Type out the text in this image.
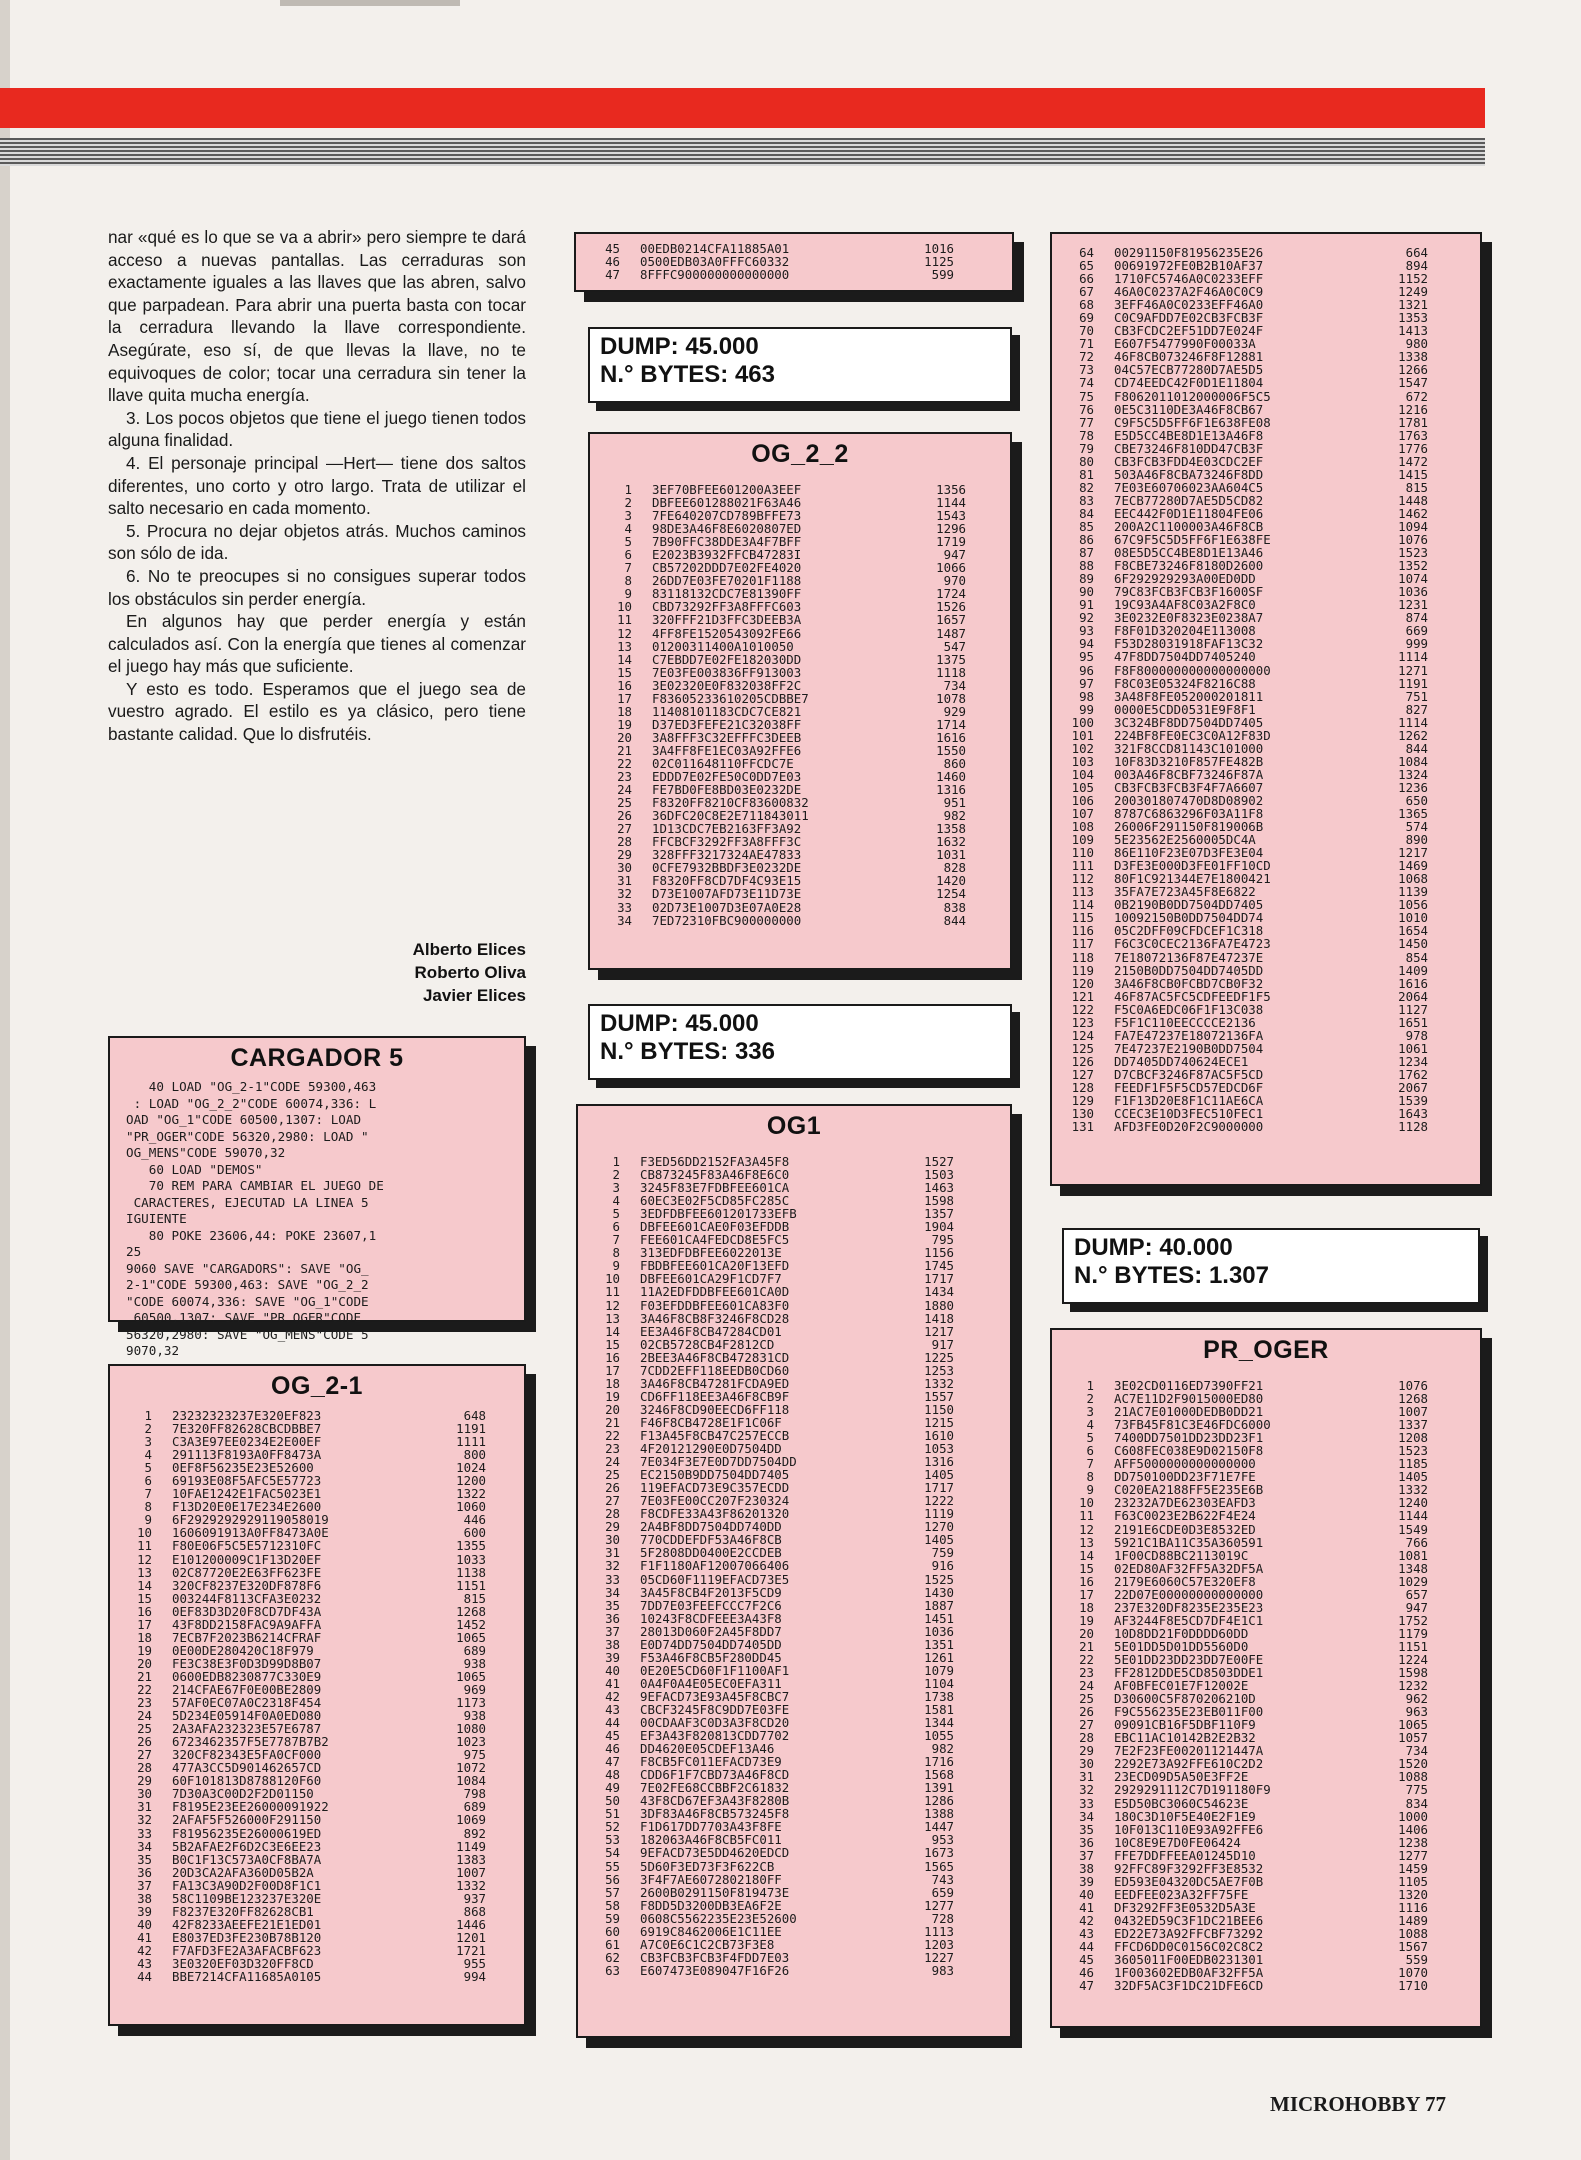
nar «qué es lo que se va a abrir» pero siempre te dará acceso a nuevas pantallas. Las cerraduras son exactamente iguales a las llaves que las abren, salvo que parpadean. Para abrir una puerta basta con tocar la cerradura llevando la llave correspondiente. Asegúrate, eso sí, de que llevas la llave, no te equivoques de color; tocar una cerradura sin tener la llave quita mucha energía.

3. Los pocos objetos que tiene el juego tienen todos alguna finalidad.

4. El personaje principal —Hert— tiene dos saltos diferentes, uno corto y otro largo. Trata de utilizar el salto necesario en cada momento.

5. Procura no dejar objetos atrás. Muchos caminos son sólo de ida.

6. No te preocupes si no consigues superar todos los obstáculos sin perder energía.

En algunos hay que perder energía y están calculados así. Con la energía que tienes al comenzar el juego hay más que suficiente.

Y esto es todo. Esperamos que el juego sea de vuestro agrado. El estilo es ya clásico, pero tiene bastante calidad. Que lo disfrutéis.

Alberto Elices
Roberto Oliva
Javier Elices
CARGADOR 5
40 LOAD "OG_2-1"CODE 59300,463
: LOAD "OG_2_2"CODE 60074,336: L
OAD "OG_1"CODE 60500,1307: LOAD
"PR_OGER"CODE 56320,2980: LOAD "
OG_MENS"CODE 59070,32
60 LOAD "DEMOS"
70 REM PARA CAMBIAR EL JUEGO DE
CARACTERES, EJECUTAD LA LINEA 5
IGUIENTE
80 POKE 23606,44: POKE 23607,1
25
9060 SAVE "CARGADORS": SAVE "OG_
2-1"CODE 59300,463: SAVE "OG_2_2
"CODE 60074,336: SAVE "OG_1"CODE
60500,1307: SAVE "PR_OGER"CODE
56320,2980: SAVE "OG_MENS"CODE 5
9070,32
OG_2-1
1 23232323237E320EF823	648
2 7E320FF82628CBCDBBE7	1191
3 C3A3E97EE0234E2E00EF	1111
4 291113F8193A0FF8473A	800
5 0EF8F56235E23E52600	1024
6 69193E08F5AFC5E57723	1200
7 10FAE1242E1FAC5023E1	1322
8 F13D20E0E17E234E2600	1060
9 6F2929292929119058019	446
10 1606091913A0FF8473A0E	600
11 F80E06F5C5E5712310FC	1355
12 E101200009C1F13D20EF	1033
13 02C87720E2E63FF623FE	1138
14 320CF8237E320DF878F6	1151
15 003244F8113CFA3E0232	815
16 0EF83D3D20F8CD7DF43A	1268
17 43F8DD2158FAC9A9AFFA	1452
18 7ECB7F2023B6214CFRAF	1065
19 0E00DE280420C18F979	689
20 FE3C38E3F0D3D99D8B07	938
21 0600EDB8230877C330E9	1065
22 214CFAE67F0E00BE2809	969
23 57AF0EC07A0C2318F454	1173
24 5D234E05914F0A0ED080	938
25 2A3AFA232323E57E6787	1080
26 6723462357F5E7787B7B2	1023
27 320CF82343E5FA0CF000	975
28 477A3CC5D901462657CD	1072
29 60F101813D8788120F60	1084
30 7D30A3C00D2F2D01150	798
31 F8195E23EE26000091922	689
32 2AFAF5F526000F291150	1069
33 F81956235E26000619ED	892
34 5B2AFAE2F6D2C3E6EE23	1149
35 B0C1F13C573A0CF8BA7A	1383
36 20D3CA2AFA360D05B2A	1007
37 FA13C3A90D2F00D8F1C1	1332
38 58C1109BE123237E320E	937
39 F8237E320FF82628CB1	868
40 42F8233AEEFE21E1ED01	1446
41 E8037ED3FE230B78B120	1201
42 F7AFD3FE2A3AFACBF623	1721
43 3E0320EF03D320FF8CD	955
44 BBE7214CFA11685A0105	994
45 00EDB0214CFA11885A01	1016
46 0500EDB03A0FFFC60332	1125
47 8FFFC900000000000000	599
DUMP: 45.000
N.° BYTES: 463
OG_2_2
1 3EF70BFEE601200A3EEF	1356
2 DBFEE601288021F63A46	1144
3 7FE640207CD789BFFE73	1543
4 98DE3A46F8E6020807ED	1296
5 7B90FFC38DDE3A4F7BFF	1719
6 E2023B3932FFCB47283I	947
7 CB57202DDD7E02FE4020	1066
8 26DD7E03FE70201F1188	970
9 83118132CDC7E81390FF	1724
10 CBD73292FF3A8FFFC603	1526
11 320FFF21D3FFC3DEEB3A	1657
12 4FF8FE1520543092FE66	1487
13 01200311400A1010050	547
14 C7EBDD7E02FE182030DD	1375
15 7E03FE003836FF913003	1118
16 3E02320E0F832038FF2C	734
17 F83605233610205CDBBE7	1078
18 11408101183CDC7CE821	929
19 D37ED3FEFE21C32038FF	1714
20 3A8FFF3C32EFFFC3DEEB	1616
21 3A4FF8FE1EC03A92FFE6	1550
22 02C011648110FFCDC7E	860
23 EDDD7E02FE50C0DD7E03	1460
24 FE7BD0FE8BD03E0232DE	1316
25 F8320FF8210CF83600832	951
26 36DFC20C8E2E711843011	982
27 1D13CDC7EB2163FF3A92	1358
28 FFCBCF3292FF3A8FFF3C	1632
29 328FFF3217324AE47833	1031
30 0CFE7932BBDF3E0232DE	828
31 F8320FF8CD7DF4C93E15	1420
32 D73E1007AFD73E11D73E	1254
33 02D73E1007D3E07A0E28	838
34 7ED72310FBC900000000	844
DUMP: 45.000
N.° BYTES: 336
OG1
1 F3ED56DD2152FA3A45F8	1527
2 CB873245F83A46F8E6C0	1503
3 3245F83E7FDBFEE601CA	1463
4 60EC3E02F5CD85FC285C	1598
5 3EDFDBFEE601201733EFB	1357
6 DBFEE601CAE0F03EFDDB	1904
7 FEE601CA4FEDCD8E5FC5	795
8 313EDFDBFEE6022013E	1156
9 FBDBFEE601CA20F13EFD	1745
10 DBFEE601CA29F1CD7F7	1717
11 11A2EDFDDBFEE601CA0D	1434
12 F03EFDDBFEE601CA83F0	1880
13 3A46F8CB8F3246F8CD28	1418
14 EE3A46F8CB47284CD01	1217
15 02CB5728CB4F2812CD	917
16 2BEE3A46F8CB472831CD	1225
17 7CDD2EFF118EEDB0CD60	1253
18 3A46F8CB47281FCDA9ED	1332
19 CD6FF118EE3A46F8CB9F	1557
20 3246F8CD90EECD6FF118	1150
21 F46F8CB4728E1F1C06F	1215
22 F13A45F8CB47C257ECCB	1610
23 4F20121290E0D7504DD	1053
24 7E034F3E7E0D7DD7504DD	1316
25 EC2150B9DD7504DD7405	1405
26 119EFACD73E9C357ECDD	1717
27 7E03FE00CC207F230324	1222
28 F8CDFE33A43F86201320	1119
29 2A4BF8DD7504DD740DD	1270
30 770CDDEFDF53A46F8CB	1405
31 5F2808DD0400E2CCDEB	759
32 F1F1180AF12007066406	916
33 05CD60F1119EFACD73E5	1525
34 3A45F8CB4F2013F5CD9	1430
35 7DD7E03FEEFCCC7F2C6	1887
36 10243F8CDFEEE3A43F8	1451
37 28013D060F2A45F8DD7	1036
38 E0D74DD7504DD7405DD	1351
39 F53A46F8CB5F280DD45	1261
40 0E20E5CD60F1F1100AF1	1079
41 0A4F0A4E05EC0EFA311	1104
42 9EFACD73E93A45F8CBC7	1738
43 CBCF3245F8C9DD7E03FE	1581
44 00CDAAF3C0D3A3F8CD20	1344
45 EF3A43F820813CDD7702	1055
46 DD4620E05CDEF13A46	982
47 F8CB5FC011EFACD73E9	1716
48 CDD6F1F7CBD73A46F8CD	1568
49 7E02FE68CCBBF2C61832	1391
50 43F8CD67EF3A43F8280B	1286
51 3DF83A46F8CB573245F8	1388
52 F1D617DD7703A43F8FE	1447
53 182063A46F8CB5FC011	953
54 9EFACD73E5DD4620EDCD	1673
55 5D60F3ED73F3F622CB	1565
56 3F4F7AE6072802180FF	743
57 2600B0291150F819473E	659
58 F8DD5D3200DB3EA6F2E	1277
59 0608C5562235E23E52600	728
60 6919C8462006E1C11EE	1113
61 A7C0E6C1C2CB73F3E8	1203
62 CB3FCB3FCB3F4FDD7E03	1227
63 E607473E089047F16F26	983
64 00291150F81956235E26	664
65 00691972FE0B2B10AF37	894
66 1710FC5746A0C0233EFF	1152
67 46A0C0237A2F46A0C0C9	1249
68 3EFF46A0C0233EFF46A0	1321
69 C0C9AFDD7E02CB3FCB3F	1353
70 CB3FCDC2EF51DD7E024F	1413
71 E607F5477990F00033A	980
72 46F8CB073246F8F12881	1338
73 04C57ECB77280D7AE5D5	1266
74 CD74EEDC42F0D1E11804	1547
75 F8062011012000006F5C5	672
76 0E5C3110DE3A46F8CB67	1216
77 C9F5C5D5FF6F1E638FE08	1781
78 E5D5CC4BE8D1E13A46F8	1763
79 CBE73246F810DD47CB3F	1776
80 CB3FCB3FDD4E03CDC2EF	1472
81 503A46F8CBA73246F8DD	1415
82 7E03E60706023AA604C5	815
83 7ECB77280D7AE5D5CD82	1448
84 EEC442F0D1E11804FE06	1462
85 200A2C1100003A46F8CB	1094
86 67C9F5C5D5FF6F1E638FE	1076
87 08E5D5CC4BE8D1E13A46	1523
88 F8CBE73246F8180D2600	1352
89 6F292929293A00ED0DD	1074
90 79C83FCB3FCB3F1600SF	1036
91 19C93A4AF8C03A2F8C0	1231
92 3E0232E0F8323E0238A7	874
93 F8F01D320204E113008	669
94 F53D28031918FAF13C32	999
95 47F8DD7504DD7405240	1114
96 F8F800000000000000000	1271
97 F8C03E05324F8216C88	1191
98 3A48F8FE052000201811	751
99 0000E5CDD0531E9F8F1	827
100 3C324BF8DD7504DD7405	1114
101 224BF8FE0EC3C0A12F83D	1262
102 321F8CCD81143C101000	844
103 10F83D3210F857FE482B	1084
104 003A46F8CBF73246F87A	1324
105 CB3FCB3FCB3F4F7A6607	1236
106 200301807470D8D08902	650
107 8787C6863296F03A11F8	1365
108 26006F291150F819006B	574
109 5E23562E2560005DC4A	890
110 86E110F23E07D3FE3E04	1217
111 D3FE3E000D3FE01FF10CD	1469
112 80F1C921344E7E1800421	1068
113 35FA7E723A45F8E6822	1139
114 0B2190B0DD7504DD7405	1056
115 10092150B0DD7504DD74	1010
116 05C2DFF09CFDCEF1C318	1654
117 F6C3C0CEC2136FA7E4723	1450
118 7E18072136F87E47237E	854
119 2150B0DD7504DD7405DD	1409
120 3A46F8CB0FCBD7CB0F32	1616
121 46F87AC5FC5CDFEEDF1F5	2064
122 F5C0A6EDC06F1F13C038	1127
123 F5F1C110EECCCCE2136	1651
124 FA7E47237E18072136FA	978
125 7E47237E2190B0DD7504	1061
126 DD7405DD740624ECE1	1234
127 D7CBCF3246F87AC5F5CD	1762
128 FEEDF1F5F5CD57EDCD6F	2067
129 F1F13D20E8F1C11AE6CA	1539
130 CCEC3E10D3FEC510FEC1	1643
131 AFD3FE0D20F2C9000000	1128
DUMP: 40.000
N.° BYTES: 1.307
PR_OGER
1 3E02CD0116ED7390FF21	1076
2 AC7E11D2F9015000ED80	1268
3 21AC7E01000DEDB0DD21	1007
4 73FB45F81C3E46FDC6000	1337
5 7400DD7501DD23DD23F1	1208
6 C608FEC038E9D02150F8	1523
7 AFF5000000000000000	1185
8 DD750100DD23F71E7FE	1405
9 C020EA2188FF5E235E6B	1332
10 23232A7DE62303EAFD3	1240
11 F63C0023E2B622F4E24	1144
12 2191E6CDE0D3E8532ED	1549
13 5921C1BA11C35A360591	766
14 1F00CD88BC2113019C	1081
15 02ED80AF32FF5A32DF5A	1348
16 2179E6060C57E320EF8	1029
17 22D07E00000000000000	657
18 237E320DF8235E235E23	947
19 AF3244F8E5CD7DF4E1C1	1752
20 10D8DD21F0DDDD60DD	1179
21 5E01DD5D01DD5560D0	1151
22 5E01DD23DD23DD7E00FE	1224
23 FF2812DDE5CD8503DDE1	1598
24 AF0BFEC01E7F12002E	1232
25 D30600C5F870206210D	962
26 F9C556235E23EB011F00	963
27 09091CB16F5DBF110F9	1065
28 EBC11AC10142B2E2B32	1057
29 7E2F23FE00201121447A	734
30 2292E73A92FFE610C2D2	1520
31 23ECD09D5A50E3FF2E	1088
32 2929291112C7D191180F9	775
33 E5D50BC3060C54623E	834
34 180C3D10F5E40E2F1E9	1000
35 10F013C110E93A92FFE6	1406
36 10C8E9E7D0FE06424	1238
37 FFE7DDFFEEA01245D10	1277
38 92FFC89F3292FF3E8532	1459
39 ED593E04320DC5AE7F0B	1105
40 EEDFEE023A32FF75FE	1320
41 DF3292FF3E0532D5A3E	1116
42 0432ED59C3F1DC21BEE6	1489
43 ED22E73A92FFCBF73292	1088
44 FFCD6DD0C0156C02C8C2	1567
45 3605011F00EDB0231301	559
46 1F003602EDB0AF32FF5A	1070
47 32DF5AC3F1DC21DFE6CD	1710
MICROHOBBY 77
